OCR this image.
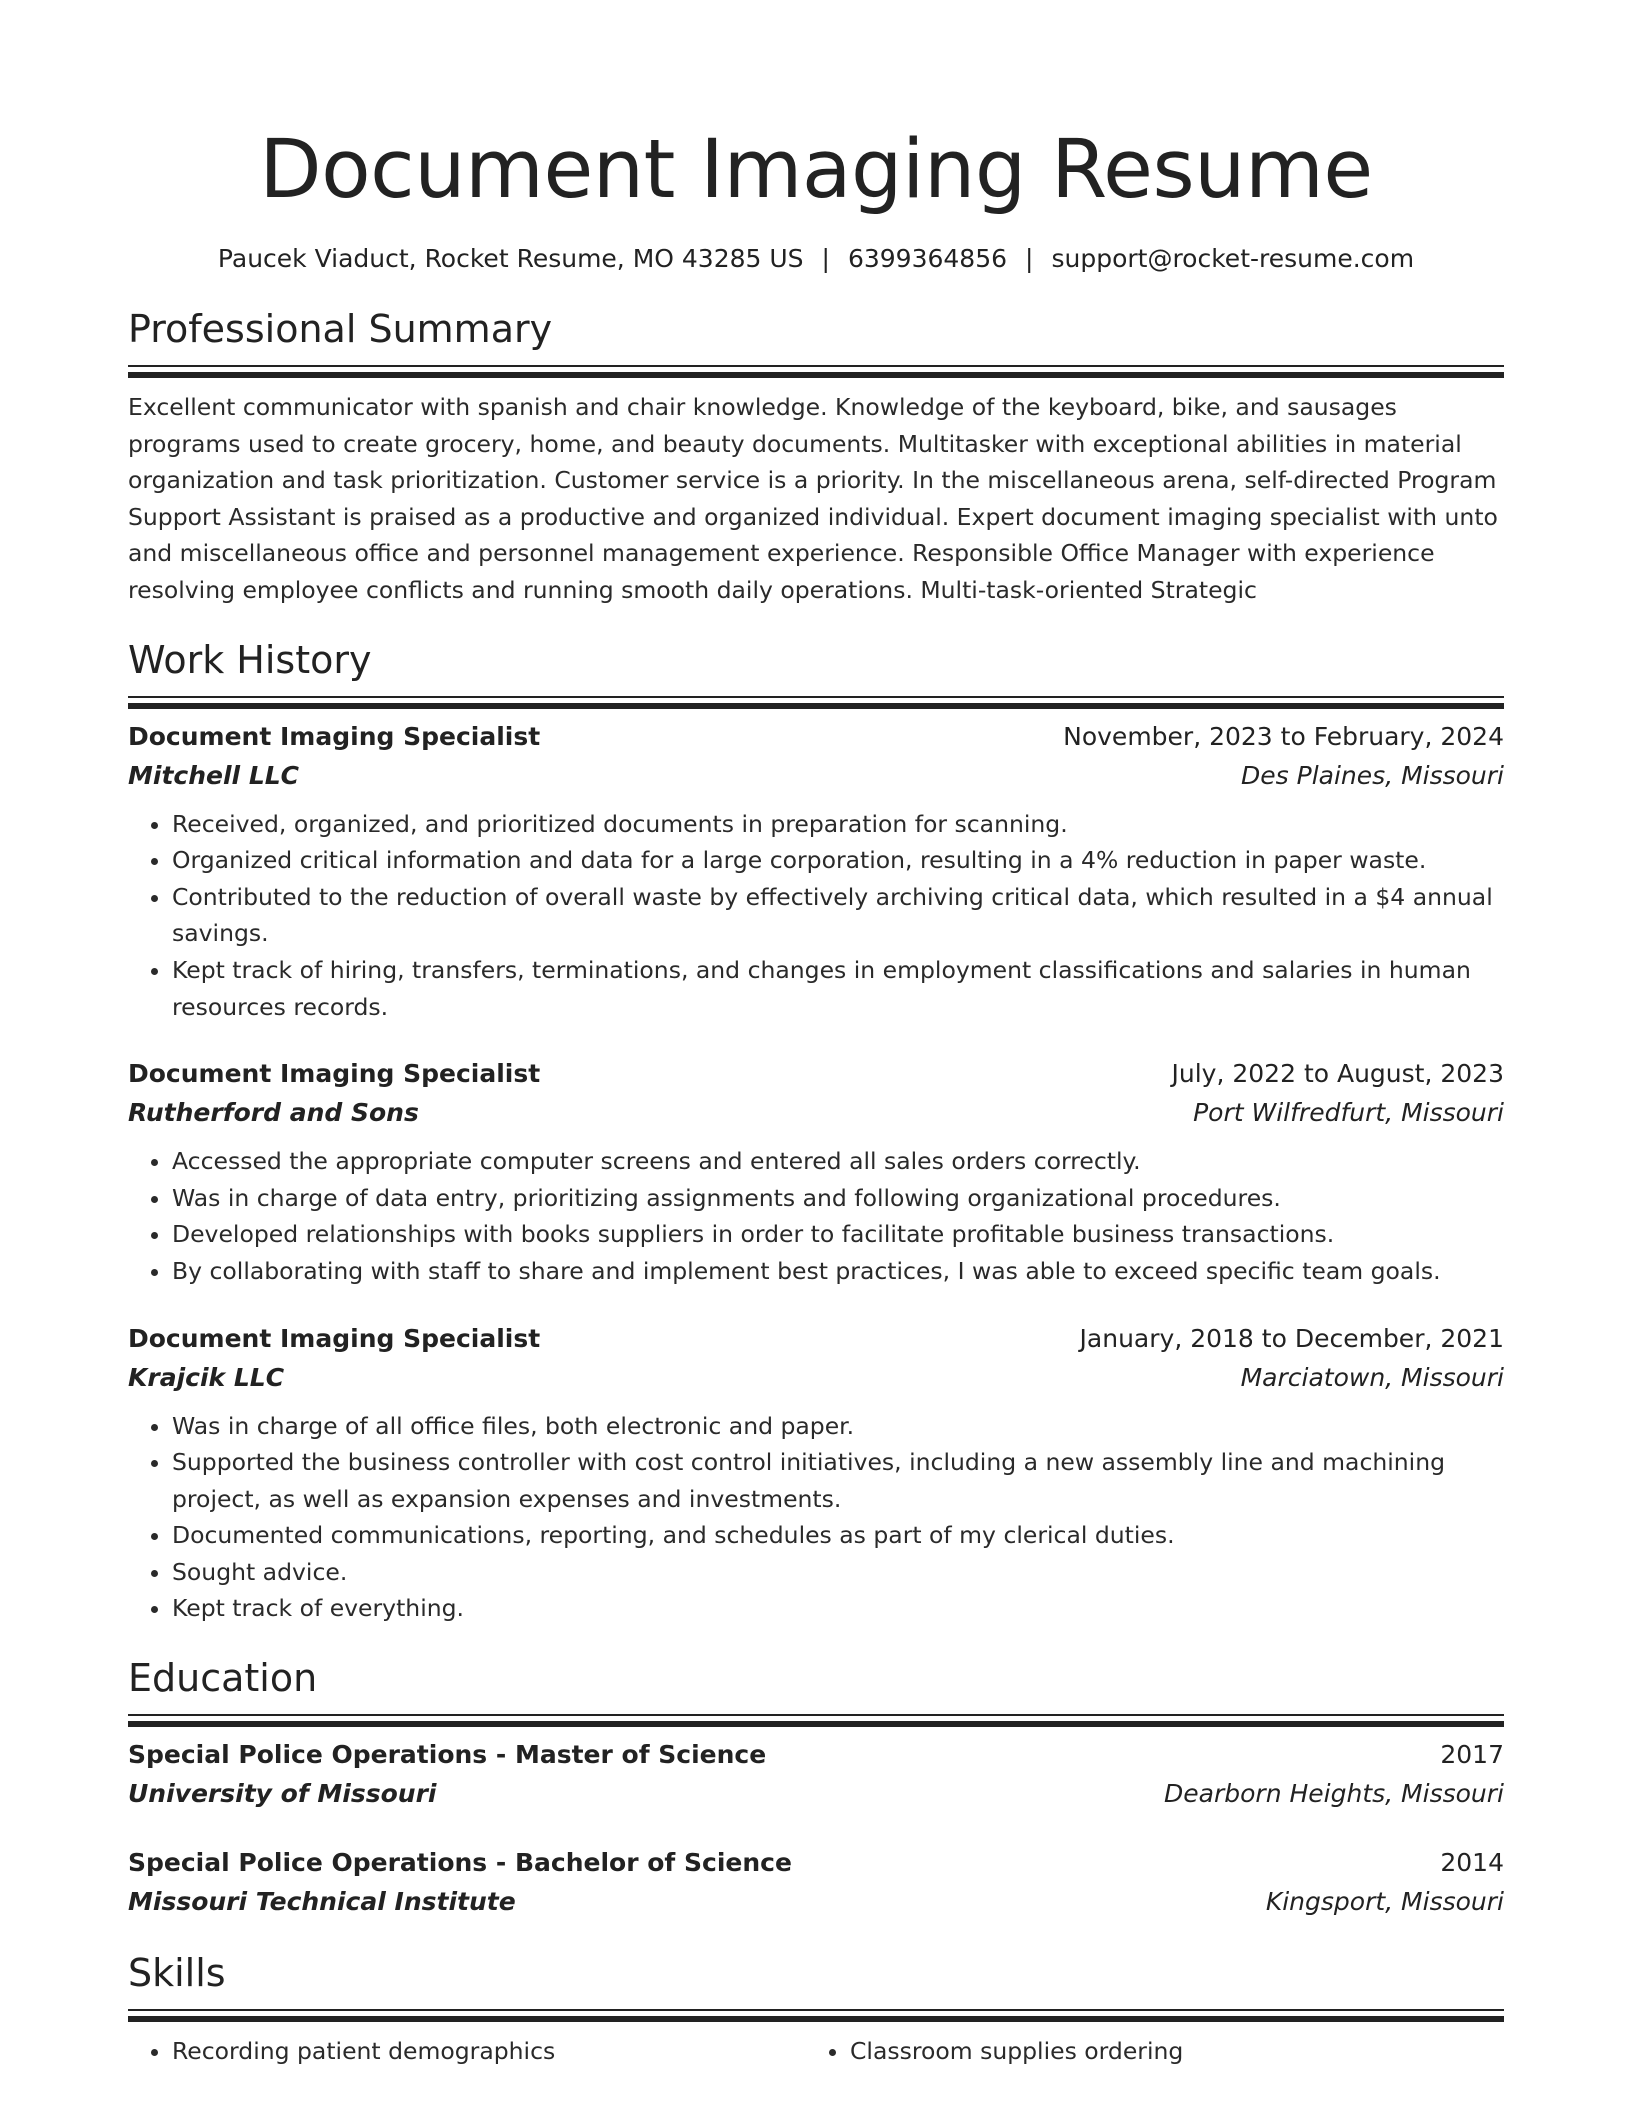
Document Imaging Resume
Paucek Viaduct, Rocket Resume, MO 43285 US | 6399364856 | support@rocket-resume.com
Professional Summary
Excellent communicator with spanish and chair knowledge. Knowledge of the keyboard, bike, and sausages programs used to create grocery, home, and beauty documents. Multitasker with exceptional abilities in material organization and task prioritization. Customer service is a priority. In the miscellaneous arena, self-directed Program Support Assistant is praised as a productive and organized individual. Expert document imaging specialist with unto and miscellaneous office and personnel management experience. Responsible Office Manager with experience resolving employee conflicts and running smooth daily operations. Multi-task-oriented Strategic
Work History
Document Imaging Specialist	November, 2023 to February, 2024
Mitchell LLC	Des Plaines, Missouri
• Received, organized, and prioritized documents in preparation for scanning.
• Organized critical information and data for a large corporation, resulting in a 4% reduction in paper waste.
• Contributed to the reduction of overall waste by effectively archiving critical data, which resulted in a $4 annual savings.
• Kept track of hiring, transfers, terminations, and changes in employment classifications and salaries in human resources records.
Document Imaging Specialist	July, 2022 to August, 2023
Rutherford and Sons	Port Wilfredfurt, Missouri
• Accessed the appropriate computer screens and entered all sales orders correctly.
• Was in charge of data entry, prioritizing assignments and following organizational procedures.
• Developed relationships with books suppliers in order to facilitate profitable business transactions.
• By collaborating with staff to share and implement best practices, I was able to exceed specific team goals.
Document Imaging Specialist	January, 2018 to December, 2021
Krajcik LLC	Marciatown, Missouri
• Was in charge of all office files, both electronic and paper.
• Supported the business controller with cost control initiatives, including a new assembly line and machining project, as well as expansion expenses and investments.
• Documented communications, reporting, and schedules as part of my clerical duties.
• Sought advice.
• Kept track of everything.
Education
Special Police Operations - Master of Science	2017
University of Missouri	Dearborn Heights, Missouri
Special Police Operations - Bachelor of Science	2014
Missouri Technical Institute	Kingsport, Missouri
Skills
• Recording patient demographics
•	Classroom supplies ordering
